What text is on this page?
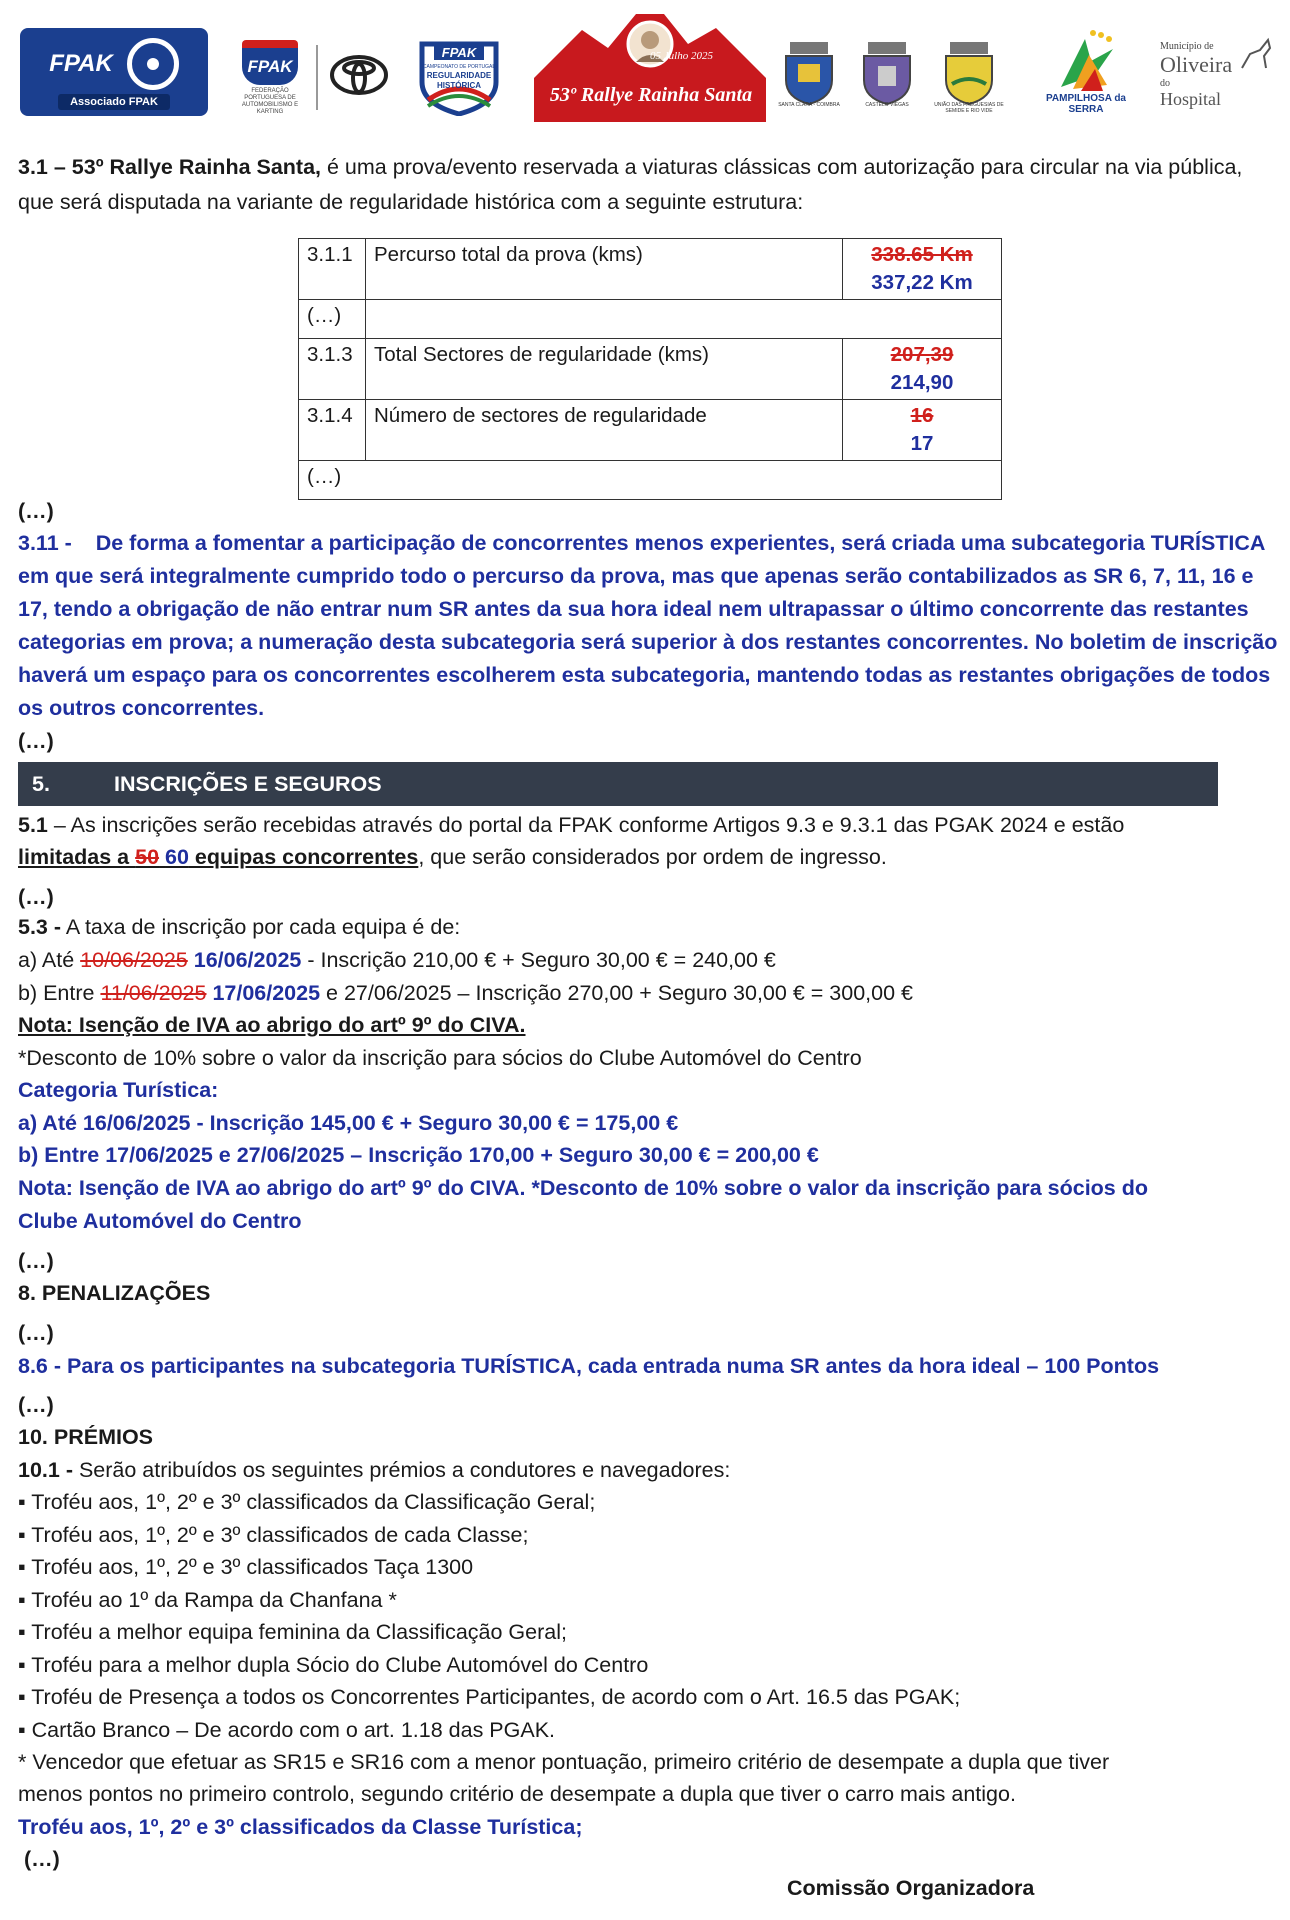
FPAK
Associado FPAK
FPAK
FEDERAÇÃO PORTUGUESA DE AUTOMOBILISMO E KARTING
FPAK
CAMPEONATO DE PORTUGAL
REGULARIDADE
HISTÓRICA
05 Julho 2025
53º Rallye Rainha Santa	SANTA CLARA - COIMBRA	CASTELO VIEGAS	UNIÃO DAS FREGUESIAS DE SEMIDE E RIO VIDE
PAMPILHOSA da SERRA
Município de
Oliveira
do
Hospital
3.1 – 53º Rallye Rainha Santa, é uma prova/evento reservada a viaturas clássicas com autorização para circular na via pública, que será disputada na variante de regularidade histórica com a seguinte estrutura:
3.1.1	Percurso total da prova (kms)	338.65 Km
337,22 Km

(…)		
3.1.3	Total Sectores de regularidade (kms)	207,39
214,90

3.1.4	Número de sectores de regularidade	16
17

(…)		
(…)
3.11 - De forma a fomentar a participação de concorrentes menos experientes, será criada uma subcategoria TURÍSTICA em que será integralmente cumprido todo o percurso da prova, mas que apenas serão contabilizados as SR 6, 7, 11, 16 e 17, tendo a obrigação de não entrar num SR antes da sua hora ideal nem ultrapassar o último concorrente das restantes categorias em prova; a numeração desta subcategoria será superior à dos restantes concorrentes. No boletim de inscrição haverá um espaço para os concorrentes escolherem esta subcategoria, mantendo todas as restantes obrigações de todos os outros concorrentes.
(…)
5.	INSCRIÇÕES E SEGUROS
5.1 – As inscrições serão recebidas através do portal da FPAK conforme Artigos 9.3 e 9.3.1 das PGAK 2024 e estão
limitadas a 50 60 equipas concorrentes, que serão considerados por ordem de ingresso.
(…)
5.3 - A taxa de inscrição por cada equipa é de:
a) Até 10/06/2025 16/06/2025 - Inscrição 210,00 € + Seguro 30,00 € = 240,00 €
b) Entre 11/06/2025 17/06/2025 e 27/06/2025 – Inscrição 270,00 + Seguro 30,00 € = 300,00 €
Nota: Isenção de IVA ao abrigo do artº 9º do CIVA.
*Desconto de 10% sobre o valor da inscrição para sócios do Clube Automóvel do Centro
Categoria Turística:
a) Até 16/06/2025 - Inscrição 145,00 € + Seguro 30,00 € = 175,00 €
b) Entre 17/06/2025 e 27/06/2025 – Inscrição 170,00 + Seguro 30,00 € = 200,00 €
Nota: Isenção de IVA ao abrigo do artº 9º do CIVA. *Desconto de 10% sobre o valor da inscrição para sócios do
Clube Automóvel do Centro
(…)
8. PENALIZAÇÕES
(…)
8.6 - Para os participantes na subcategoria TURÍSTICA, cada entrada numa SR antes da hora ideal – 100 Pontos
(…)
10. PRÉMIOS
10.1 - Serão atribuídos os seguintes prémios a condutores e navegadores:
▪ Troféu aos, 1º, 2º e 3º classificados da Classificação Geral;
▪ Troféu aos, 1º, 2º e 3º classificados de cada Classe;
▪ Troféu aos, 1º, 2º e 3º classificados Taça 1300
▪ Troféu ao 1º da Rampa da Chanfana *
▪ Troféu a melhor equipa feminina da Classificação Geral;
▪ Troféu para a melhor dupla Sócio do Clube Automóvel do Centro
▪ Troféu de Presença a todos os Concorrentes Participantes, de acordo com o Art. 16.5 das PGAK;
▪ Cartão Branco – De acordo com o art. 1.18 das PGAK.
* Vencedor que efetuar as SR15 e SR16 com a menor pontuação, primeiro critério de desempate a dupla que tiver
menos pontos no primeiro controlo, segundo critério de desempate a dupla que tiver o carro mais antigo.
Troféu aos, 1º, 2º e 3º classificados da Classe Turística;
(…)
Comissão Organizadora
